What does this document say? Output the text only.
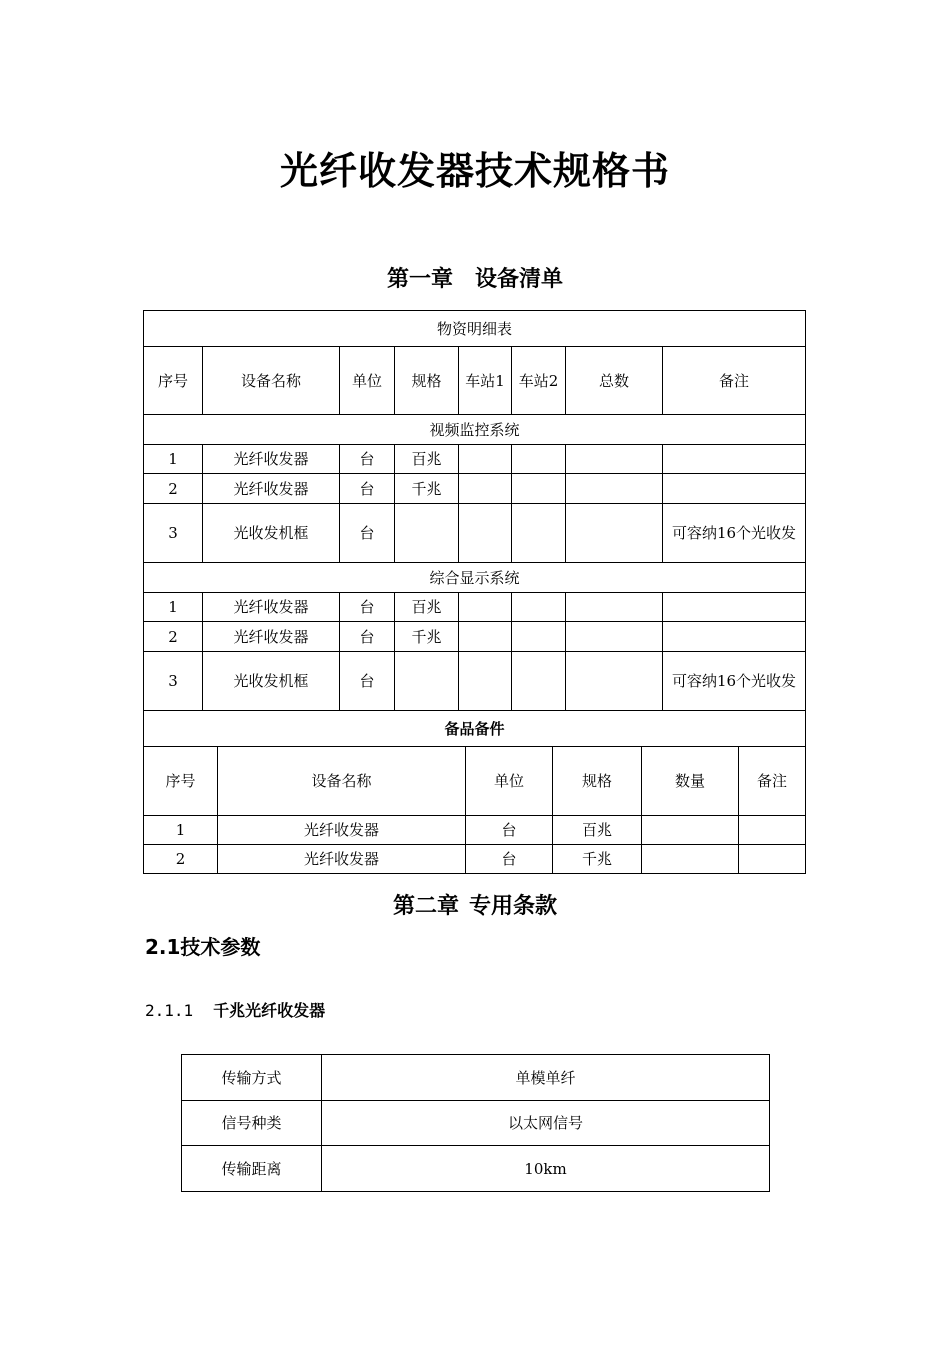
光纤收发器技术规格书
第一章 设备清单
物资明细表							
序号	设备名称	单位	规格	车站1	车站2	总数	备注
视频监控系统							
1	光纤收发器	台	百兆				
2	光纤收发器	台	千兆				
3	光收发机框	台					可容纳16个光收发
综合显示系统							
1	光纤收发器	台	百兆				
2	光纤收发器	台	千兆				
3	光收发机框	台					可容纳16个光收发
备品备件					
序号	设备名称	单位	规格	数量	备注
1	光纤收发器	台	百兆		
2	光纤收发器	台	千兆		
第二章 专用条款
2.1技术参数
2.1.1 千兆光纤收发器
传输方式	单模单纤
信号种类	以太网信号
传输距离	10km
